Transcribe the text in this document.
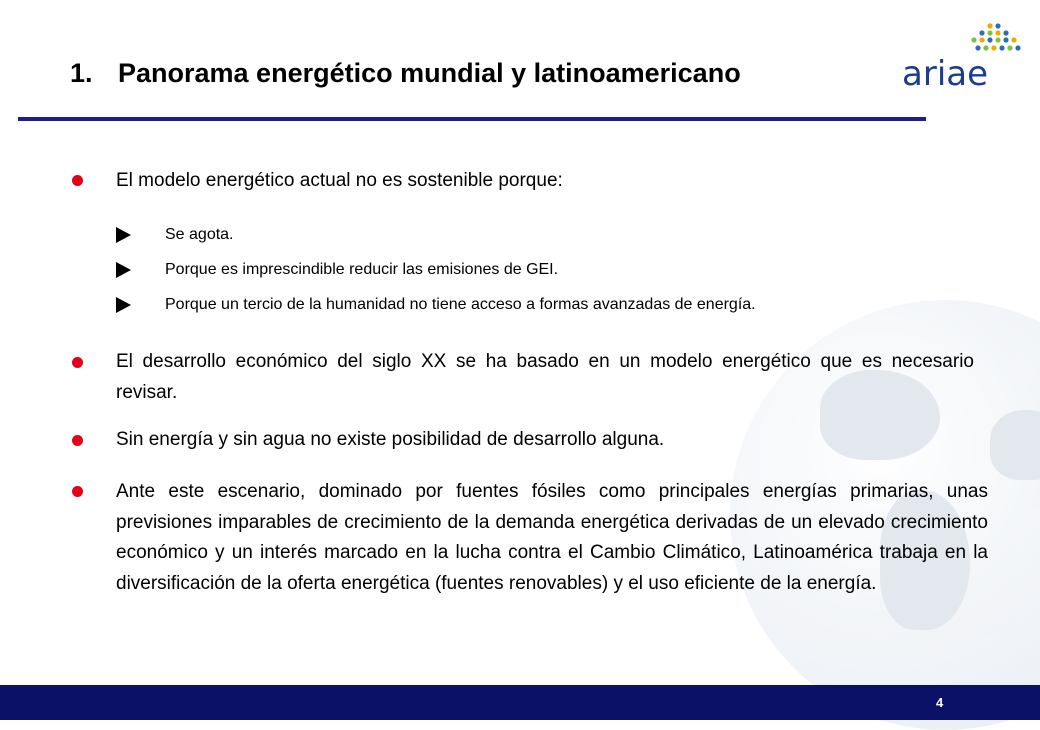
1. Panorama energético mundial y latinoamericano	ariae
El modelo energético actual no es sostenible porque:
Se agota.
Porque es imprescindible reducir las emisiones de GEI.
Porque un tercio de la humanidad no tiene acceso a formas avanzadas de energía.
El desarrollo económico del siglo XX se ha basado en un modelo energético que es necesario revisar.
Sin energía y sin agua no existe posibilidad de desarrollo alguna.
Ante este escenario, dominado por fuentes fósiles como principales energías primarias, unas previsiones imparables de crecimiento de la demanda energética derivadas de un elevado crecimiento económico y un interés marcado en la lucha contra el Cambio Climático, Latinoamérica trabaja en la diversificación de la oferta energética (fuentes renovables) y el uso eficiente de la energía.
4
